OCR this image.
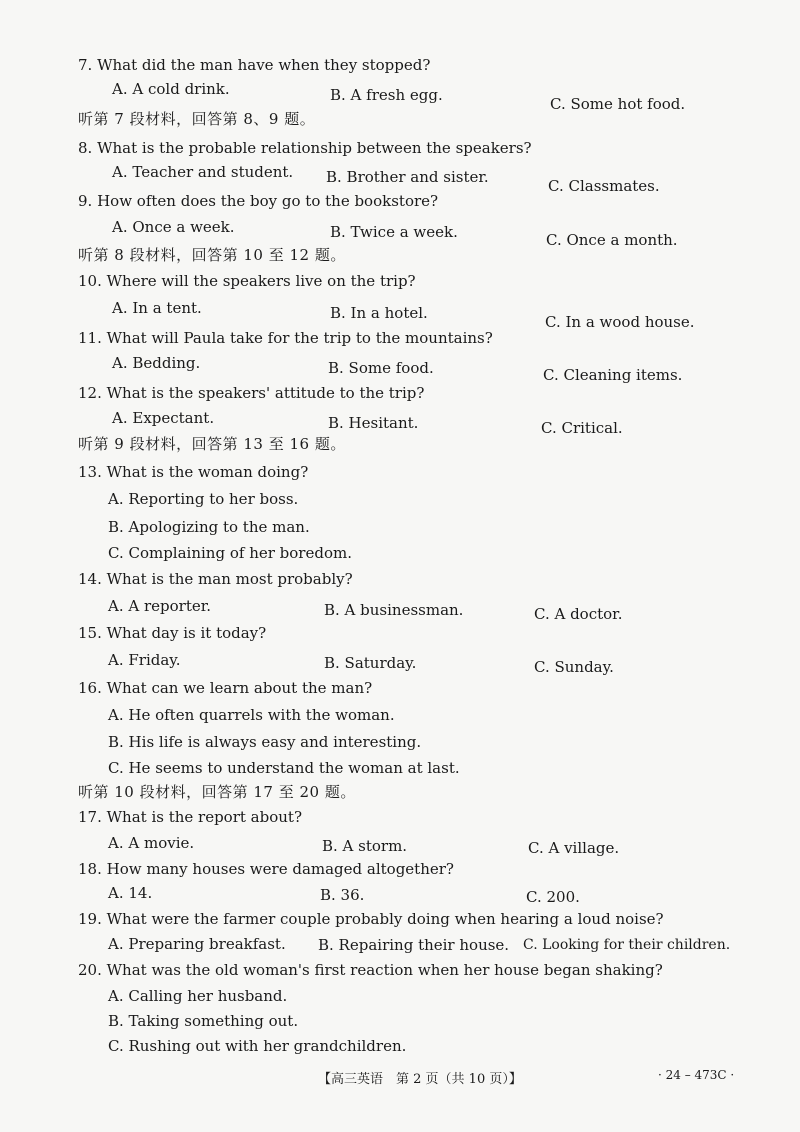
7. What did the man have when they stopped?
A. A cold drink.	B. A fresh egg.	C. Some hot food.
听第 7 段材料，回答第 8、9 题。
8. What is the probable relationship between the speakers?
A. Teacher and student. B. Brother and sister.	C. Classmates.
9. How often does the boy go to the bookstore?
A. Once a week.	B. Twice a week.	C. Once a month.
听第 8 段材料，回答第 10 至 12 题。
10. Where will the speakers live on the trip?
A. In a tent.	B. In a hotel.	C. In a wood house.
11. What will Paula take for the trip to the mountains?
A. Bedding.	B. Some food.	C. Cleaning items.
12. What is the speakers' attitude to the trip?
A. Expectant.	B. Hesitant.	C. Critical.
听第 9 段材料，回答第 13 至 16 题。
13. What is the woman doing?
A. Reporting to her boss.
B. Apologizing to the man.
C. Complaining of her boredom.
14. What is the man most probably?
A. A reporter.	B. A businessman.	C. A doctor.
15. What day is it today?
A. Friday.	B. Saturday.	C. Sunday.
16. What can we learn about the man?
A. He often quarrels with the woman.
B. His life is always easy and interesting.
C. He seems to understand the woman at last.
听第 10 段材料，回答第 17 至 20 题。
17. What is the report about?
A. A movie.	B. A storm.	C. A village.
18. How many houses were damaged altogether?
A. 14.	B. 36.	C. 200.
19. What were the farmer couple probably doing when hearing a loud noise?
A. Preparing breakfast. B. Repairing their house. C. Looking for their children.
20. What was the old woman's first reaction when her house began shaking?
A. Calling her husband.
B. Taking something out.
C. Rushing out with her grandchildren.
【高三英语　第 2 页（共 10 页）】	· 24 – 473C ·
